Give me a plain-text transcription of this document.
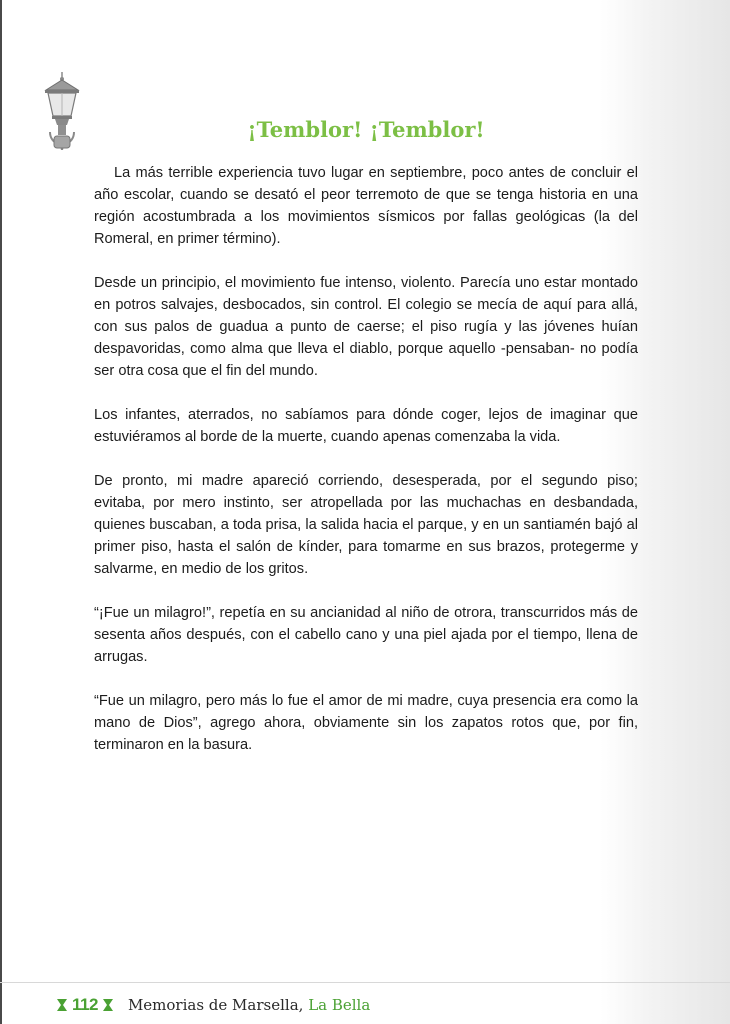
¡Temblor! ¡Temblor!

La más terrible experiencia tuvo lugar en septiembre, poco antes de concluir el año escolar, cuando se desató el peor terremoto de que se tenga historia en una región acostumbrada a los movimientos sísmicos por fallas geológicas (la del Romeral, en primer término).

Desde un principio, el movimiento fue intenso, violento. Parecía uno estar montado en potros salvajes, desbocados, sin control. El colegio se mecía de aquí para allá, con sus palos de guadua a punto de caerse; el piso rugía y las jóvenes huían despavoridas, como alma que lleva el diablo, porque aquello -pensaban- no podía ser otra cosa que el fin del mundo.

Los infantes, aterrados, no sabíamos para dónde coger, lejos de imaginar que estuviéramos al borde de la muerte, cuando apenas comenzaba la vida.

De pronto, mi madre apareció corriendo, desesperada, por el segundo piso; evitaba, por mero instinto, ser atropellada por las muchachas en desbandada, quienes buscaban, a toda prisa, la salida hacia el parque, y en un santiamén bajó al primer piso, hasta el salón de kínder, para tomarme en sus brazos, protegerme y salvarme, en medio de los gritos.

“¡Fue un milagro!”, repetía en su ancianidad al niño de otrora, transcurridos más de sesenta años después, con el cabello cano y una piel ajada por el tiempo, llena de arrugas.

“Fue un milagro, pero más lo fue el amor de mi madre, cuya presencia era como la mano de Dios”, agrego ahora, obviamente sin los zapatos rotos que, por fin, terminaron en la basura.

112 Memorias de Marsella, La Bella
